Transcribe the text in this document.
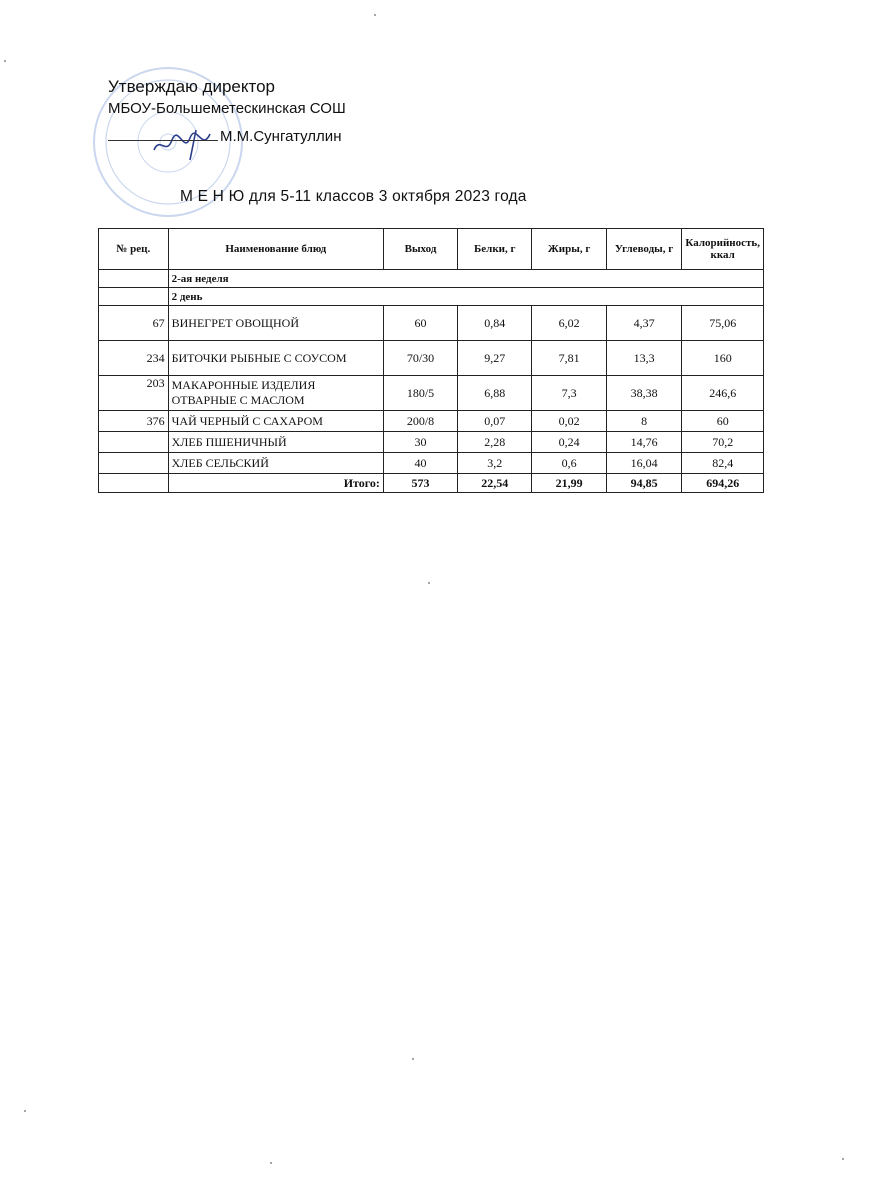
Утверждаю директор
МБОУ-Большеметескинская СОШ
М.М.Сунгатуллин
М Е Н Ю для 5-11 классов 3 октября 2023 года
№ рец.	Наименование блюд	Выход	Белки, г	Жиры, г	Углеводы, г	Калорийность, ккал
	2-ая неделя					
	2 день					
67	ВИНЕГРЕТ ОВОЩНОЙ	60	0,84	6,02	4,37	75,06
234	БИТОЧКИ РЫБНЫЕ С СОУСОМ	70/30	9,27	7,81	13,3	160
203	МАКАРОННЫЕ ИЗДЕЛИЯ ОТВАРНЫЕ С МАСЛОМ	180/5	6,88	7,3	38,38	246,6
376	ЧАЙ ЧЕРНЫЙ С САХАРОМ	200/8	0,07	0,02	8	60
	ХЛЕБ ПШЕНИЧНЫЙ	30	2,28	0,24	14,76	70,2
	ХЛЕБ СЕЛЬСКИЙ	40	3,2	0,6	16,04	82,4
	Итого:	573	22,54	21,99	94,85	694,26
